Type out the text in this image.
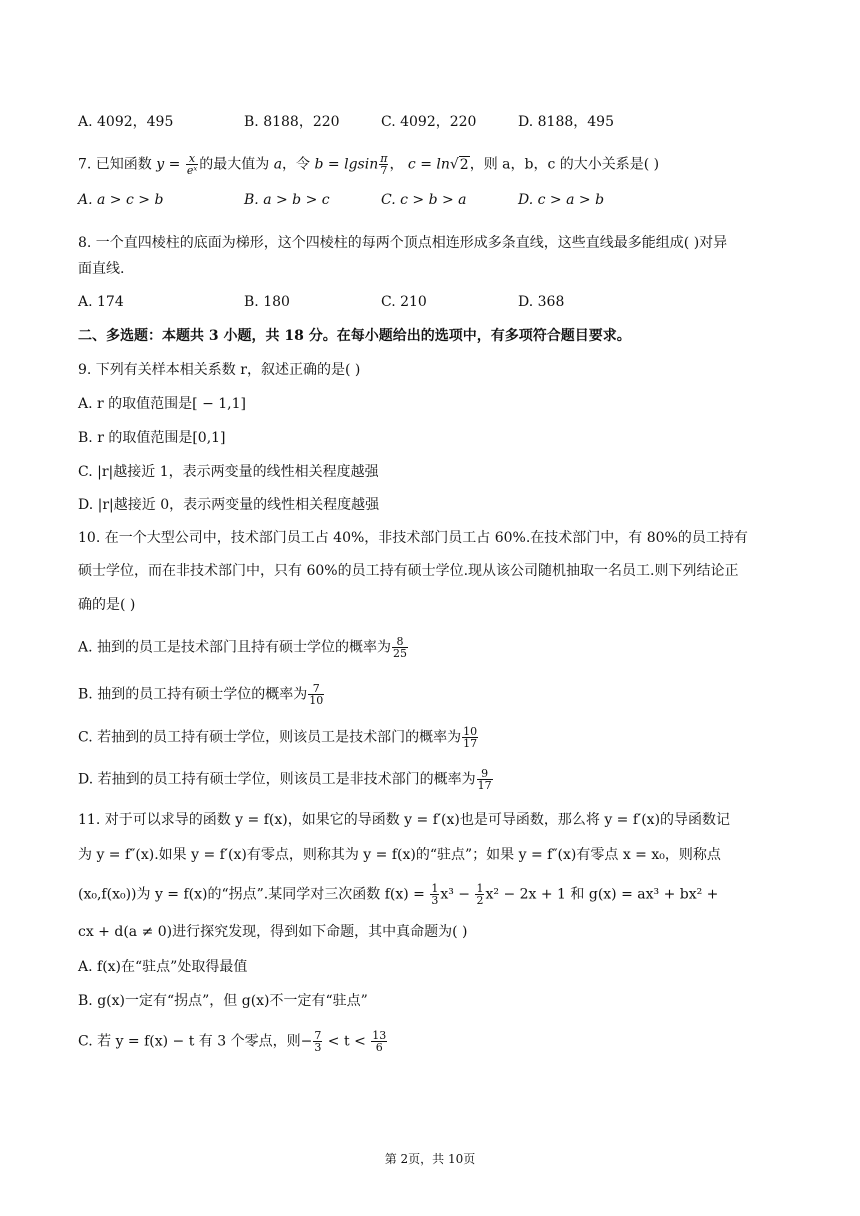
A. 4092，495	B. 8188，220	C. 4092，220	D. 8188，495
7. 已知函数 $y = \frac{x}{\text{eˣ}}$ 的最大值为 a，令 b = lgsin $\frac{\pi}{7}$ ， c = ln√2，则 a，b，c 的大小关系是( )
A. a > c > b	B. a > b > c	C. c > b > a	D. c > a > b
8. 一个直四棱柱的底面为梯形，这个四棱柱的每两个顶点相连形成多条直线，这些直线最多能组成( )对异
面直线.
A. 174	B. 180	C. 210	D. 368
二、多选题：本题共 3 小题，共 18 分。在每小题给出的选项中，有多项符合题目要求。
9. 下列有关样本相关系数 r，叙述正确的是( )
A. r 的取值范围是[ − 1,1]
B. r 的取值范围是[0,1]
C. |r|越接近 1，表示两变量的线性相关程度越强
D. |r|越接近 0，表示两变量的线性相关程度越强
10. 在一个大型公司中，技术部门员工占 40%，非技术部门员工占 60%.在技术部门中，有 80%的员工持有
硕士学位，而在非技术部门中，只有 60%的员工持有硕士学位.现从该公司随机抽取一名员工.则下列结论正
确的是( )
A. 抽到的员工是技术部门且持有硕士学位的概率为 $\frac{8}{25}$
B. 抽到的员工持有硕士学位的概率为 $\frac{7}{10}$
C. 若抽到的员工持有硕士学位，则该员工是技术部门的概率为 $\frac{10}{17}$
D. 若抽到的员工持有硕士学位，则该员工是非技术部门的概率为 $\frac{9}{17}$
11. 对于可以求导的函数 y = f(x)，如果它的导函数 y = f′(x)也是可导函数，那么将 y = f′(x)的导函数记
为 y = f″(x).如果 y = f′(x)有零点，则称其为 y = f(x)的“驻点”；如果 y = f″(x)有零点 x = x₀，则称点
(x₀,f(x₀))为 y = f(x)的“拐点”.某同学对三次函数 $f(x) = \frac{1}{3} x^3 - \frac{1}{2} x^2 - 2x + 1$ 和 g(x) = ax³ + bx² +
cx + d(a ≠ 0)进行探究发现，得到如下命题，其中真命题为( )
A. f(x)在“驻点”处取得最值
B. g(x)一定有“拐点”，但 g(x)不一定有“驻点”
C. 若 y = f(x) − t 有 3 个零点，则− $\frac{7}{3} < t < \frac{13}{6}$
第 2页，共 10页
